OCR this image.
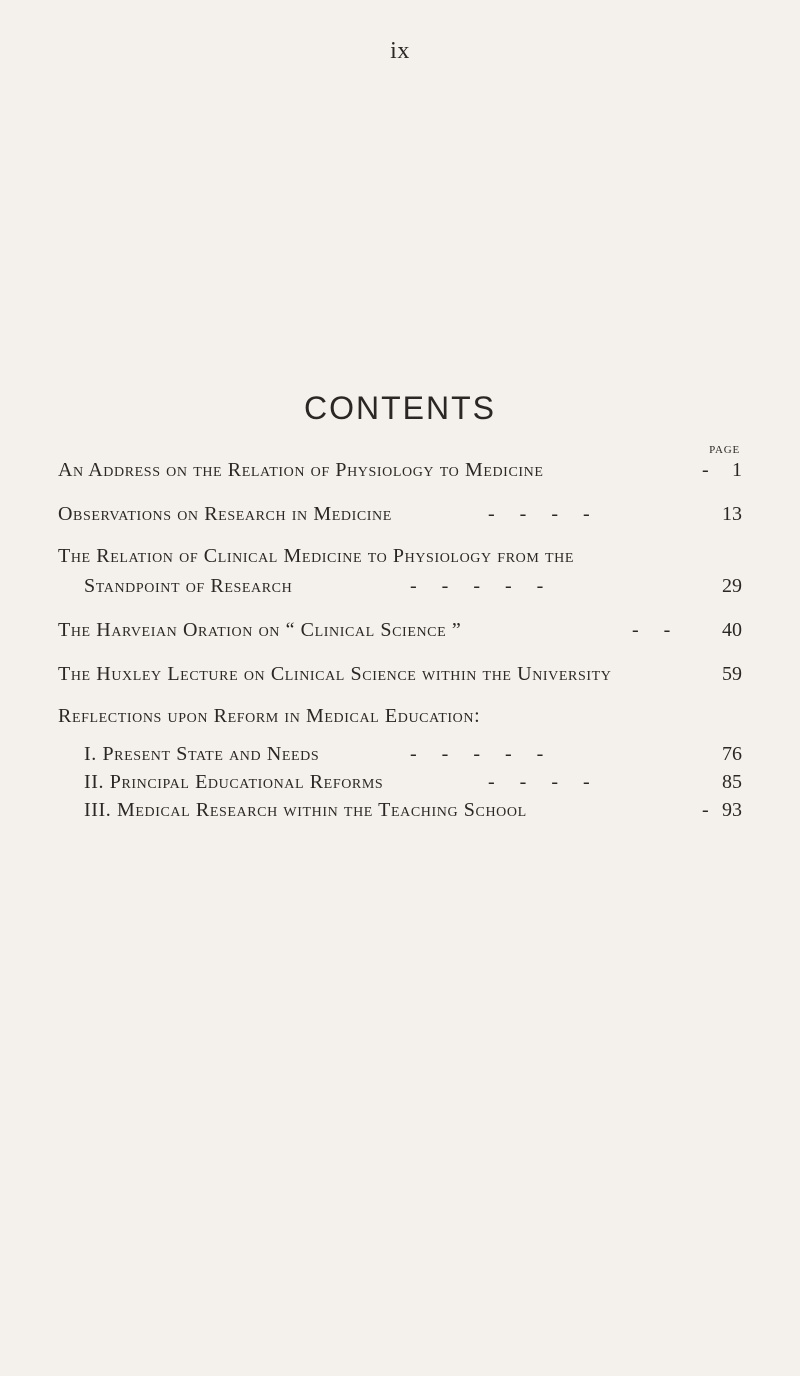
ix
CONTENTS
PAGE
An Address on the Relation of Physiology to Medicine	-	1
Observations on Research in Medicine	-     -     -     -	13
The Relation of Clinical Medicine to Physiology from the
Standpoint of Research	-     -     -     -     -	29
The Harveian Oration on “ Clinical Science ”	-     -	40
The Huxley Lecture on Clinical Science within the University	59
Reflections upon Reform in Medical Education:
I. Present State and Needs	-     -     -     -     -	76
II. Principal Educational Reforms	-     -     -     -	85
III. Medical Research within the Teaching School	- 93
